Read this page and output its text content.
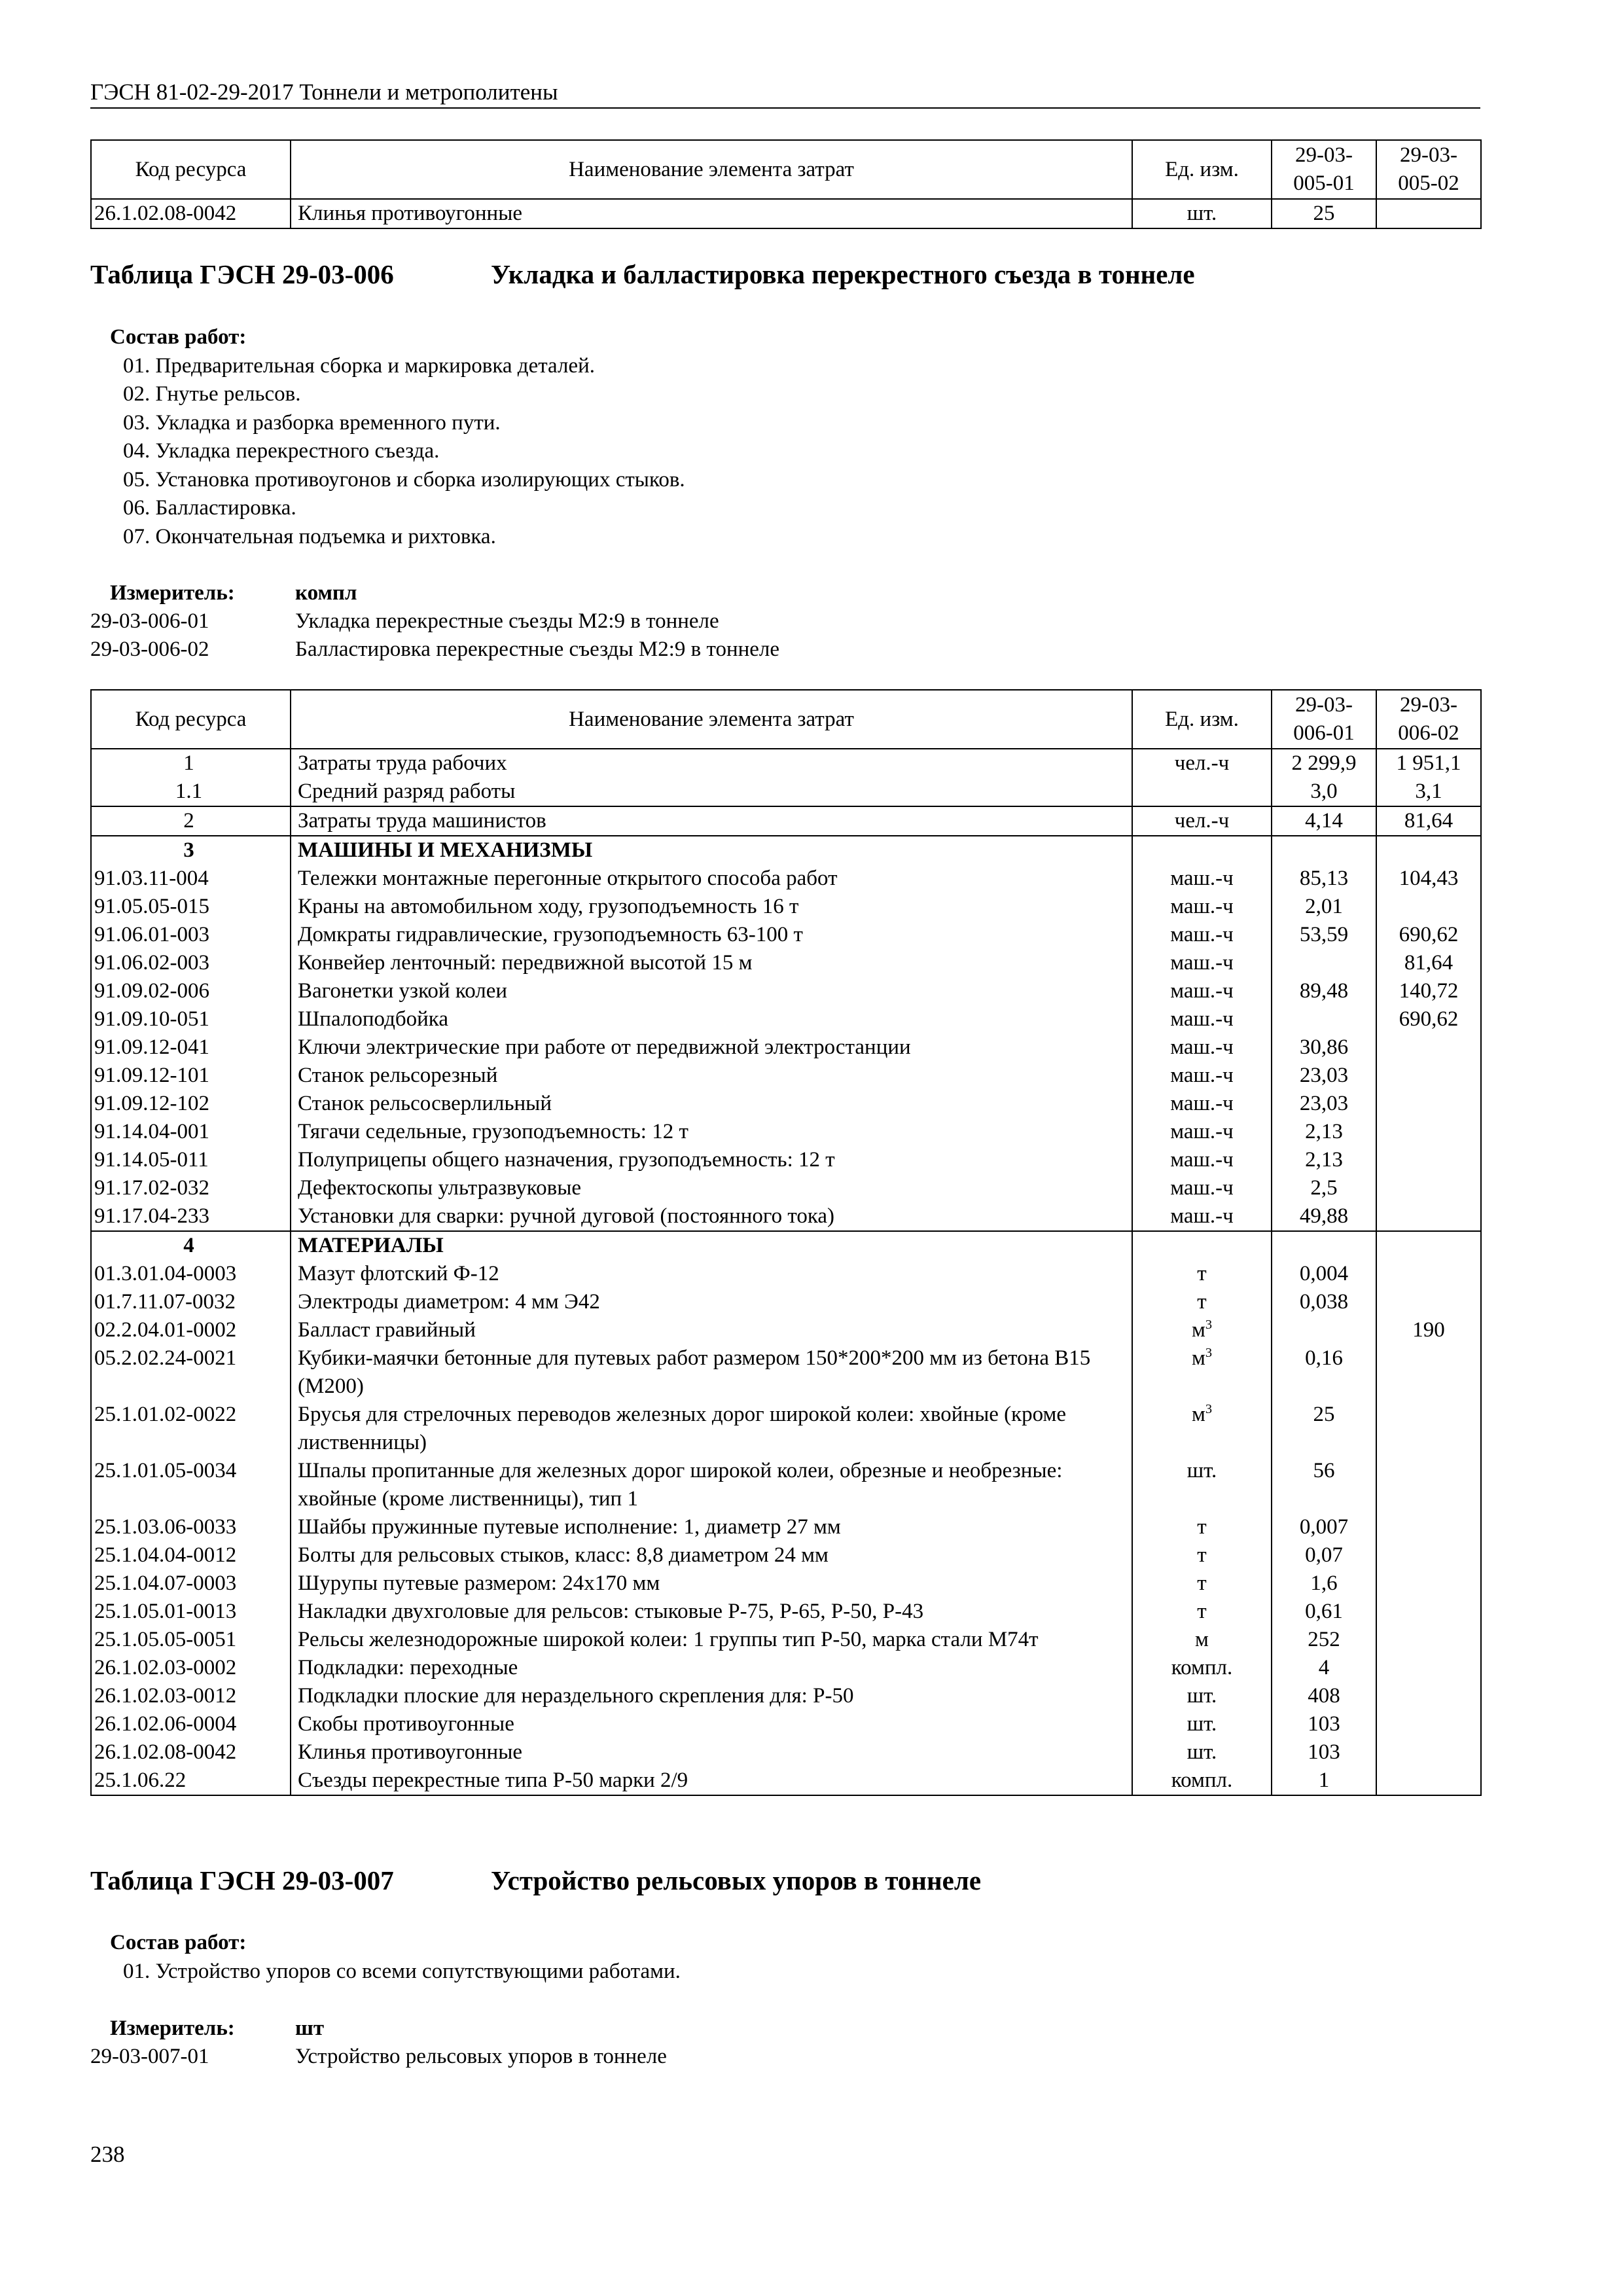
ГЭСН 81-02-29-2017 Тоннели и метрополитены
Код ресурса	Наименование элемента затрат	Ед. изм.	29-03-005-01	29-03-005-02
26.1.02.08-0042	Клинья противоугонные	шт.	25	
Таблица ГЭСН 29-03-006	Укладка и балластировка перекрестного съезда в тоннеле
Состав работ:
01. Предварительная сборка и маркировка деталей.
02. Гнутье рельсов.
03. Укладка и разборка временного пути.
04. Укладка перекрестного съезда.
05. Установка противоугонов и сборка изолирующих стыков.
06. Балластировка.
07. Окончательная подъемка и рихтовка.
Измеритель:	компл
29-03-006-01	Укладка перекрестные съезды М2:9 в тоннеле
29-03-006-02	Балластировка перекрестные съезды М2:9 в тоннеле
Код ресурса	Наименование элемента затрат	Ед. изм.	29-03-006-01	29-03-006-02
1	Затраты труда рабочих	чел.-ч	2 299,9	1 951,1
1.1	Средний разряд работы		3,0	3,1
2	Затраты труда машинистов	чел.-ч	4,14	81,64
3	МАШИНЫ И МЕХАНИЗМЫ			
91.03.11-004	Тележки монтажные перегонные открытого способа работ	маш.-ч	85,13	104,43
91.05.05-015	Краны на автомобильном ходу, грузоподъемность 16 т	маш.-ч	2,01	
91.06.01-003	Домкраты гидравлические, грузоподъемность 63-100 т	маш.-ч	53,59	690,62
91.06.02-003	Конвейер ленточный: передвижной высотой 15 м	маш.-ч		81,64
91.09.02-006	Вагонетки узкой колеи	маш.-ч	89,48	140,72
91.09.10-051	Шпалоподбойка	маш.-ч		690,62
91.09.12-041	Ключи электрические при работе от передвижной электростанции	маш.-ч	30,86	
91.09.12-101	Станок рельсорезный	маш.-ч	23,03	
91.09.12-102	Станок рельсосверлильный	маш.-ч	23,03	
91.14.04-001	Тягачи седельные, грузоподъемность: 12 т	маш.-ч	2,13	
91.14.05-011	Полуприцепы общего назначения, грузоподъемность: 12 т	маш.-ч	2,13	
91.17.02-032	Дефектоскопы ультразвуковые	маш.-ч	2,5	
91.17.04-233	Установки для сварки: ручной дуговой (постоянного тока)	маш.-ч	49,88	
4	МАТЕРИАЛЫ			
01.3.01.04-0003	Мазут флотский Ф-12	т	0,004	
01.7.11.07-0032	Электроды диаметром: 4 мм Э42	т	0,038	
02.2.04.01-0002	Балласт гравийный	$м^3$		190
05.2.02.24-0021	Кубики-маячки бетонные для путевых работ размером 150*200*200 мм из бетона В15 (М200)	$м^3$	0,16	
25.1.01.02-0022	Брусья для стрелочных переводов железных дорог широкой колеи: хвойные (кроме лиственницы)	$м^3$	25	
25.1.01.05-0034	Шпалы пропитанные для железных дорог широкой колеи, обрезные и необрезные: хвойные (кроме лиственницы), тип 1	шт.	56	
25.1.03.06-0033	Шайбы пружинные путевые исполнение: 1, диаметр 27 мм	т	0,007	
25.1.04.04-0012	Болты для рельсовых стыков, класс: 8,8 диаметром 24 мм	т	0,07	
25.1.04.07-0003	Шурупы путевые размером: 24x170 мм	т	1,6	
25.1.05.01-0013	Накладки двухголовые для рельсов: стыковые Р-75, Р-65, Р-50, Р-43	т	0,61	
25.1.05.05-0051	Рельсы железнодорожные широкой колеи: 1 группы тип Р-50, марка стали М74т	м	252	
26.1.02.03-0002	Подкладки: переходные	компл.	4	
26.1.02.03-0012	Подкладки плоские для нераздельного скрепления для: Р-50	шт.	408	
26.1.02.06-0004	Скобы противоугонные	шт.	103	
26.1.02.08-0042	Клинья противоугонные	шт.	103	
25.1.06.22	Съезды перекрестные типа Р-50 марки 2/9	компл.	1	
Таблица ГЭСН 29-03-007	Устройство рельсовых упоров в тоннеле
Состав работ:
01. Устройство упоров со всеми сопутствующими работами.
Измеритель:	шт
29-03-007-01	Устройство рельсовых упоров в тоннеле
238
